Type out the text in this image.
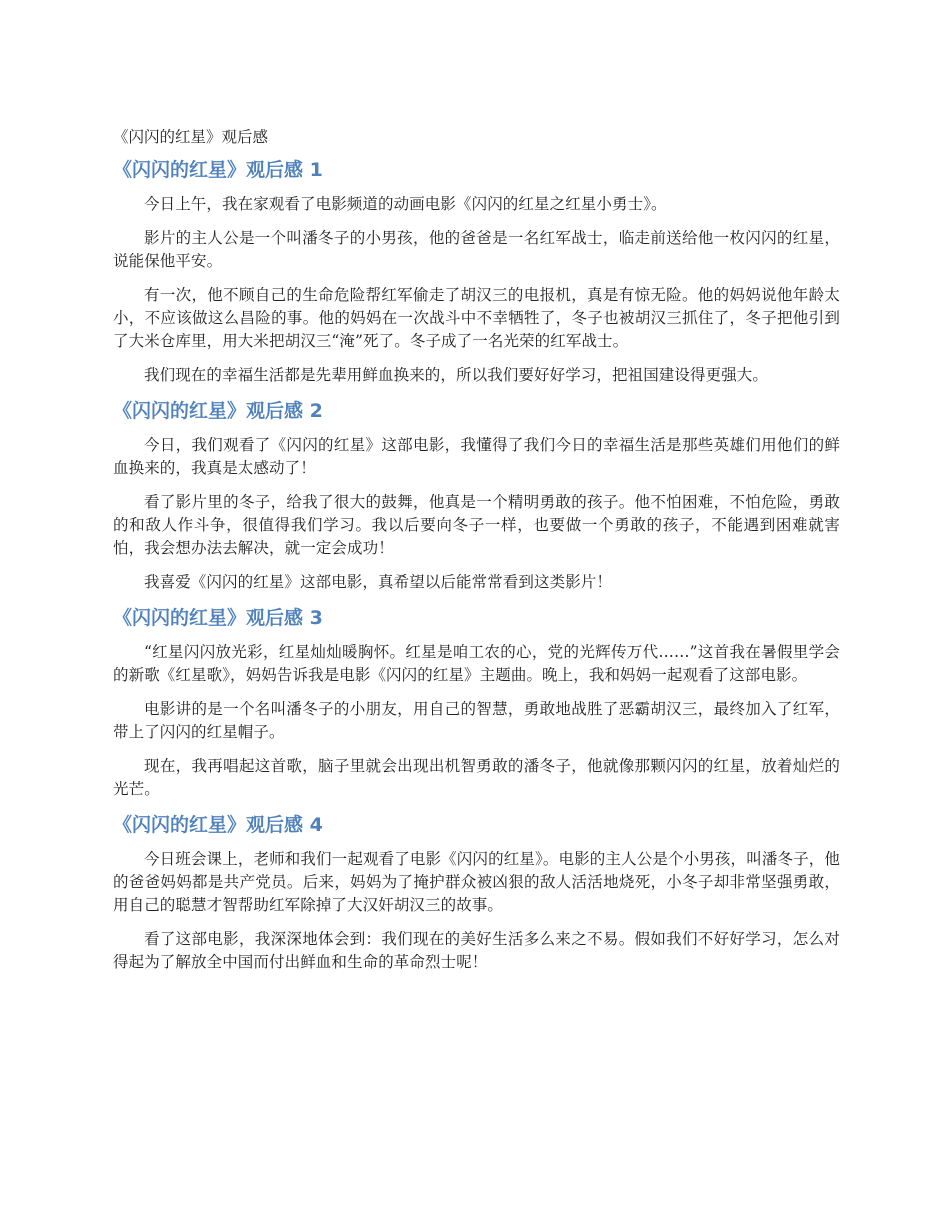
《闪闪的红星》观后感

《闪闪的红星》观后感 1

今日上午，我在家观看了电影频道的动画电影《闪闪的红星之红星小勇士》。

影片的主人公是一个叫潘冬子的小男孩，他的爸爸是一名红军战士，临走前送给他一枚闪闪的红星，说能保他平安。

有一次，他不顾自己的生命危险帮红军偷走了胡汉三的电报机，真是有惊无险。他的妈妈说他年龄太小，不应该做这么昌险的事。他的妈妈在一次战斗中不幸牺牲了，冬子也被胡汉三抓住了，冬子把他引到了大米仓库里，用大米把胡汉三“淹”死了。冬子成了一名光荣的红军战士。

我们现在的幸福生活都是先辈用鲜血换来的，所以我们要好好学习，把祖国建设得更强大。

《闪闪的红星》观后感 2

今日，我们观看了《闪闪的红星》这部电影，我懂得了我们今日的幸福生活是那些英雄们用他们的鲜血换来的，我真是太感动了！

看了影片里的冬子，给我了很大的鼓舞，他真是一个精明勇敢的孩子。他不怕困难，不怕危险，勇敢的和敌人作斗争，很值得我们学习。我以后要向冬子一样，也要做一个勇敢的孩子，不能遇到困难就害怕，我会想办法去解决，就一定会成功！

我喜爱《闪闪的红星》这部电影，真希望以后能常常看到这类影片！

《闪闪的红星》观后感 3

“红星闪闪放光彩，红星灿灿暖胸怀。红星是咱工农的心，党的光辉传万代……”这首我在暑假里学会的新歌《红星歌》，妈妈告诉我是电影《闪闪的红星》主题曲。晚上，我和妈妈一起观看了这部电影。

电影讲的是一个名叫潘冬子的小朋友，用自己的智慧，勇敢地战胜了恶霸胡汉三，最终加入了红军，带上了闪闪的红星帽子。

现在，我再唱起这首歌，脑子里就会出现出机智勇敢的潘冬子，他就像那颗闪闪的红星，放着灿烂的光芒。

《闪闪的红星》观后感 4

今日班会课上，老师和我们一起观看了电影《闪闪的红星》。电影的主人公是个小男孩，叫潘冬子，他的爸爸妈妈都是共产党员。后来，妈妈为了掩护群众被凶狠的敌人活活地烧死，小冬子却非常坚强勇敢，用自己的聪慧才智帮助红军除掉了大汉奸胡汉三的故事。

看了这部电影，我深深地体会到：我们现在的美好生活多么来之不易。假如我们不好好学习，怎么对得起为了解放全中国而付出鲜血和生命的革命烈士呢！
